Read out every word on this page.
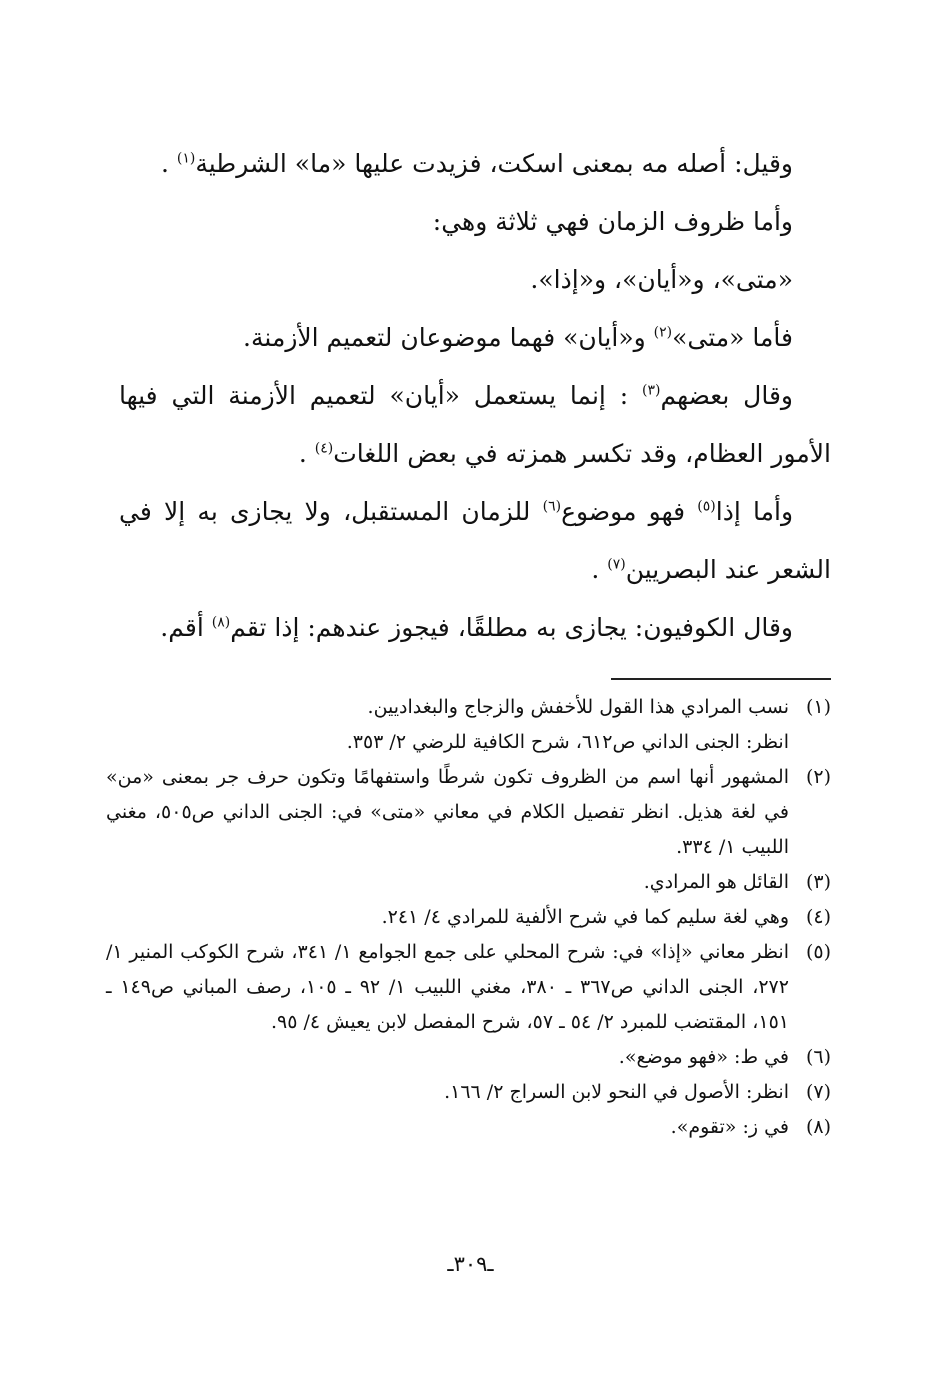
وقيل: أصله مه بمعنى اسكت، فزيدت عليها «ما» الشرطية$^{(١)}$ .

وأما ظروف الزمان فهي ثلاثة وهي:

«متى»، و«أيان»، و«إذا».

فأما «متى»$^{(٢)}$ و«أيان» فهما موضوعان لتعميم الأزمنة.

وقال بعضهم$^{(٣)}$ : إنما يستعمل «أيان» لتعميم الأزمنة التي فيها الأمور العظام، وقد تكسر همزته في بعض اللغات$^{(٤)}$ .

وأما إذا$^{(٥)}$ فهو موضوع$^{(٦)}$ للزمان المستقبل، ولا يجازى به إلا في الشعر عند البصريين$^{(٧)}$ .

وقال الكوفيون: يجازى به مطلقًا، فيجوز عندهم: إذا تقم$^{(٨)}$ أقم.

(١)
نسب المرادي هذا القول للأخفش والزجاج والبغداديين.
انظر: الجنى الداني ص٦١٢، شرح الكافية للرضي ٢/ ٣٥٣.
(٢)
المشهور أنها اسم من الظروف تكون شرطًا واستفهامًا وتكون حرف جر بمعنى «من» في لغة هذيل. انظر تفصيل الكلام في معاني «متى» في: الجنى الداني ص٥٠٥، مغني اللبيب ١/ ٣٣٤.
(٣)
القائل هو المرادي.
(٤)
وهي لغة سليم كما في شرح الألفية للمرادي ٤/ ٢٤١.
(٥)
انظر معاني «إذا» في: شرح المحلي على جمع الجوامع ١/ ٣٤١، شرح الكوكب المنير ١/ ٢٧٢، الجنى الداني ص٣٦٧ ـ ٣٨٠، مغني اللبيب ١/ ٩٢ ـ ١٠٥، رصف المباني ص١٤٩ ـ ١٥١، المقتضب للمبرد ٢/ ٥٤ ـ ٥٧، شرح المفصل لابن يعيش ٤/ ٩٥.
(٦)
في ط: «فهو موضع».
(٧)
انظر: الأصول في النحو لابن السراج ٢/ ١٦٦.
(٨)
في ز: «تقوم».
ـ٣٠٩ـ
